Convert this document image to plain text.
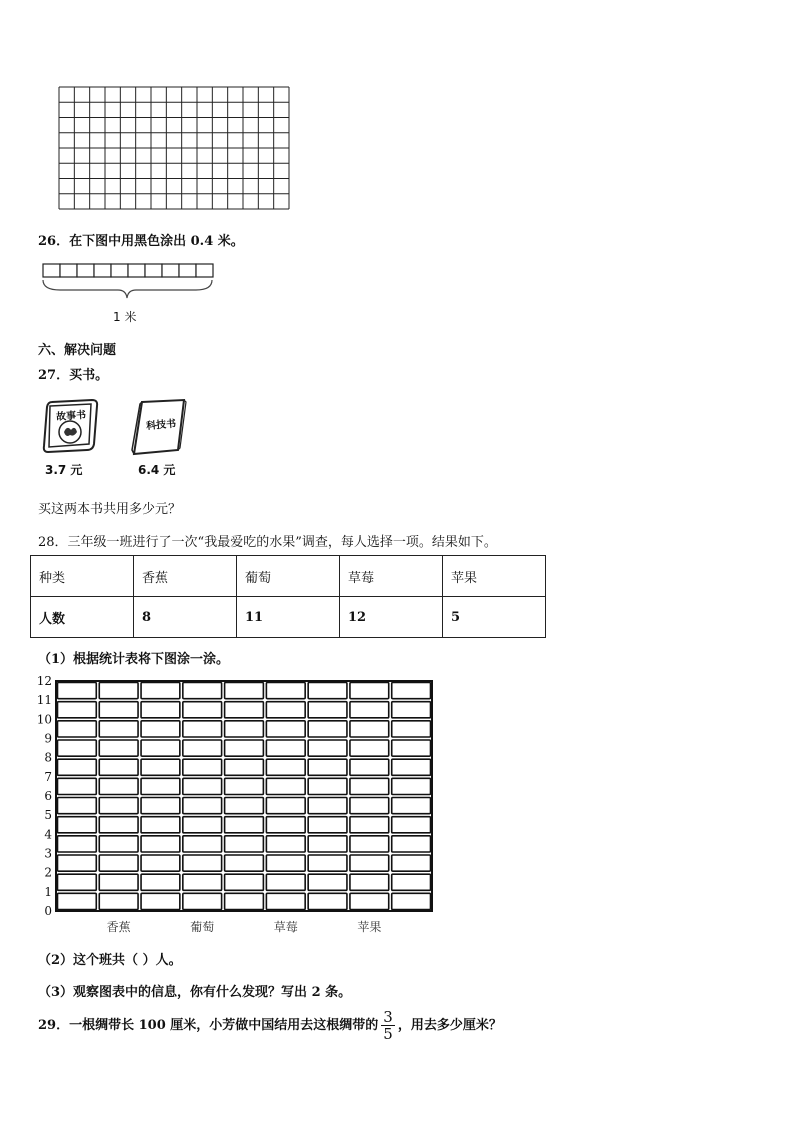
26．在下图中用黑色涂出 0.4 米。
1 米
六、解决问题
27．买书。
故事书
3.7 元
科技书
6.4 元
买这两本书共用多少元？
28．三年级一班进行了一次“我最爱吃的水果”调查，每人选择一项。结果如下。
种类	香蕉	葡萄	草莓	苹果
人数	8	11	12	5
（1）根据统计表将下图涂一涂。
0
1
2
3
4
5
6
7
8
9
10
11
12
香蕉	葡萄	草莓	苹果
（2）这个班共（ ）人。
（3）观察图表中的信息，你有什么发现？写出 2 条。
29．一根绸带长 100 厘米，小芳做中国结用去这根绸带的 $\frac{3}{5}$ ，用去多少厘米？
